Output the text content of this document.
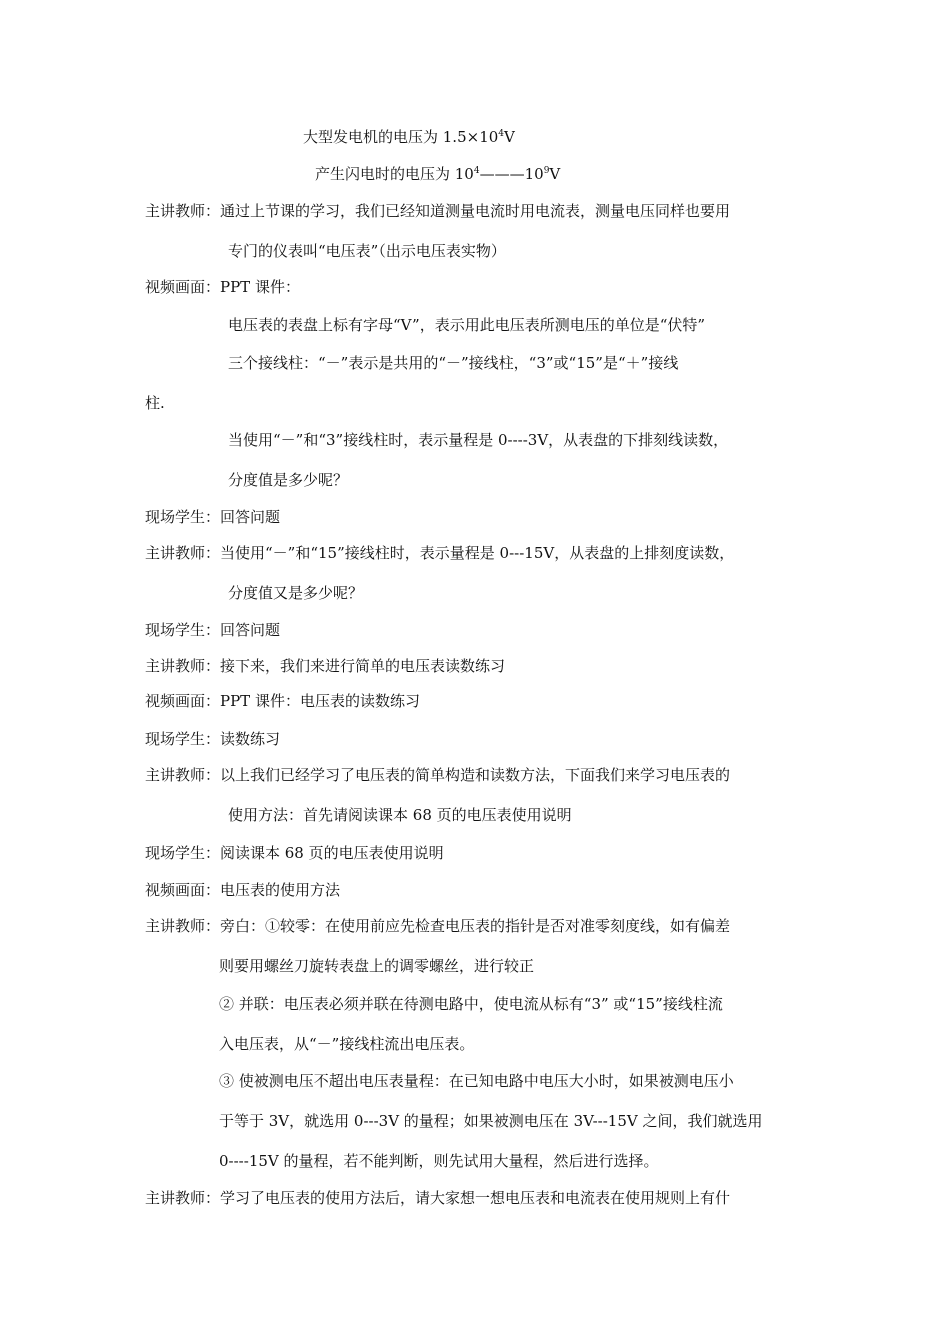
大型发电机的电压为 $1.5\times 10^4V$
产生闪电时的电压为 $10^4———10^9V$
主讲教师：通过上节课的学习，我们已经知道测量电流时用电流表，测量电压同样也要用
专门的仪表叫“电压表”（出示电压表实物）
视频画面：PPT 课件：
电压表的表盘上标有字母“V”，表示用此电压表所测电压的单位是“伏特”
三个接线柱：“－”表示是共用的“－”接线柱，“3”或“15”是“＋”接线
柱.
当使用“－”和“3”接线柱时，表示量程是 0----3V，从表盘的下排刻线读数，
分度值是多少呢？
现场学生：回答问题
主讲教师：当使用“－”和“15”接线柱时，表示量程是 0---15V，从表盘的上排刻度读数，
分度值又是多少呢？
现场学生：回答问题
主讲教师：接下来，我们来进行简单的电压表读数练习
视频画面：PPT 课件：电压表的读数练习
现场学生：读数练习
主讲教师：以上我们已经学习了电压表的简单构造和读数方法，下面我们来学习电压表的
使用方法：首先请阅读课本 68 页的电压表使用说明
现场学生：阅读课本 68 页的电压表使用说明
视频画面：电压表的使用方法
主讲教师：旁白：①较零：在使用前应先检查电压表的指针是否对准零刻度线，如有偏差
则要用螺丝刀旋转表盘上的调零螺丝，进行较正
② 并联：电压表必须并联在待测电路中，使电流从标有“3” 或“15”接线柱流
入电压表，从“－”接线柱流出电压表。
③ 使被测电压不超出电压表量程：在已知电路中电压大小时，如果被测电压小
于等于 3V，就选用 0---3V 的量程；如果被测电压在 3V---15V 之间，我们就选用
0----15V 的量程，若不能判断，则先试用大量程，然后进行选择。
主讲教师：学习了电压表的使用方法后，请大家想一想电压表和电流表在使用规则上有什
